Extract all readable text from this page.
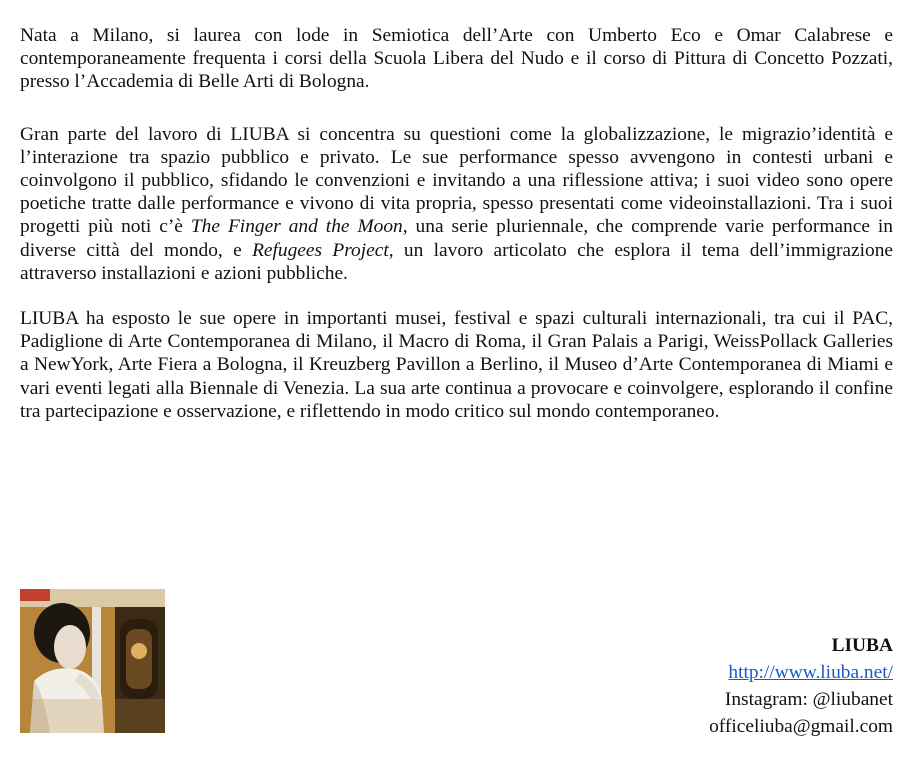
Nata a Milano, si laurea con lode in Semiotica dell’Arte con Umberto Eco e Omar Calabrese e contemporaneamente frequenta i corsi della Scuola Libera del Nudo e il corso di Pittura di Concetto Pozzati, presso l’Accademia di Belle Arti di Bologna.

Gran parte del lavoro di LIUBA si concentra su questioni come la globalizzazione, le migrazio’identità e l’interazione tra spazio pubblico e privato. Le sue performance spesso avvengono in contesti urbani e coinvolgono il pubblico, sfidando le convenzioni e invitando a una riflessione attiva; i suoi video sono opere poetiche tratte dalle performance e vivono di vita propria, spesso presentati come videoinstallazioni. Tra i suoi progetti più noti c’è The Finger and the Moon, una serie pluriennale, che comprende varie performance in diverse città del mondo, e Refugees Project, un lavoro articolato che esplora il tema dell’immigrazione attraverso installazioni e azioni pubbliche.

LIUBA ha esposto le sue opere in importanti musei, festival e spazi culturali internazionali, tra cui il PAC, Padiglione di Arte Contemporanea di Milano, il Macro di Roma, il Gran Palais a Parigi, WeissPollack Galleries a NewYork, Arte Fiera a Bologna, il Kreuzberg Pavillon a Berlino, il Museo d’Arte Contemporanea di Miami e vari eventi legati alla Biennale di Venezia. La sua arte continua a provocare e coinvolgere, esplorando il confine tra partecipazione e osservazione, e riflettendo in modo critico sul mondo contemporaneo.

LIUBA
http://www.liuba.net/
Instagram: @liubanet
officeliuba@gmail.com
